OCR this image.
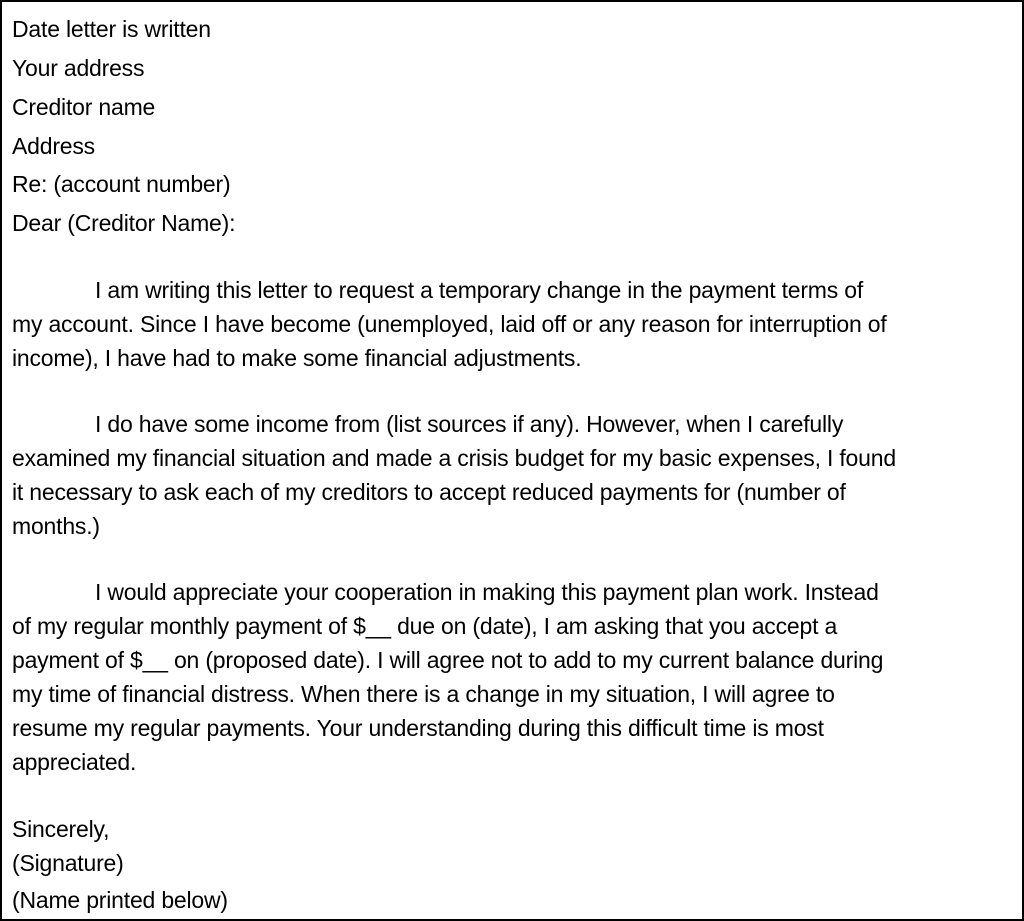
Date letter is written
Your address
Creditor name
Address
Re: (account number)
Dear (Creditor Name):
I am writing this letter to request a temporary change in the payment terms of
my account. Since I have become (unemployed, laid off or any reason for interruption of
income), I have had to make some financial adjustments.
I do have some income from (list sources if any). However, when I carefully
examined my financial situation and made a crisis budget for my basic expenses, I found
it necessary to ask each of my creditors to accept reduced payments for (number of
months.)
I would appreciate your cooperation in making this payment plan work. Instead
of my regular monthly payment of $__ due on (date), I am asking that you accept a
payment of $__ on (proposed date). I will agree not to add to my current balance during
my time of financial distress. When there is a change in my situation, I will agree to
resume my regular payments. Your understanding during this difficult time is most
appreciated.
Sincerely,
(Signature)
(Name printed below)
